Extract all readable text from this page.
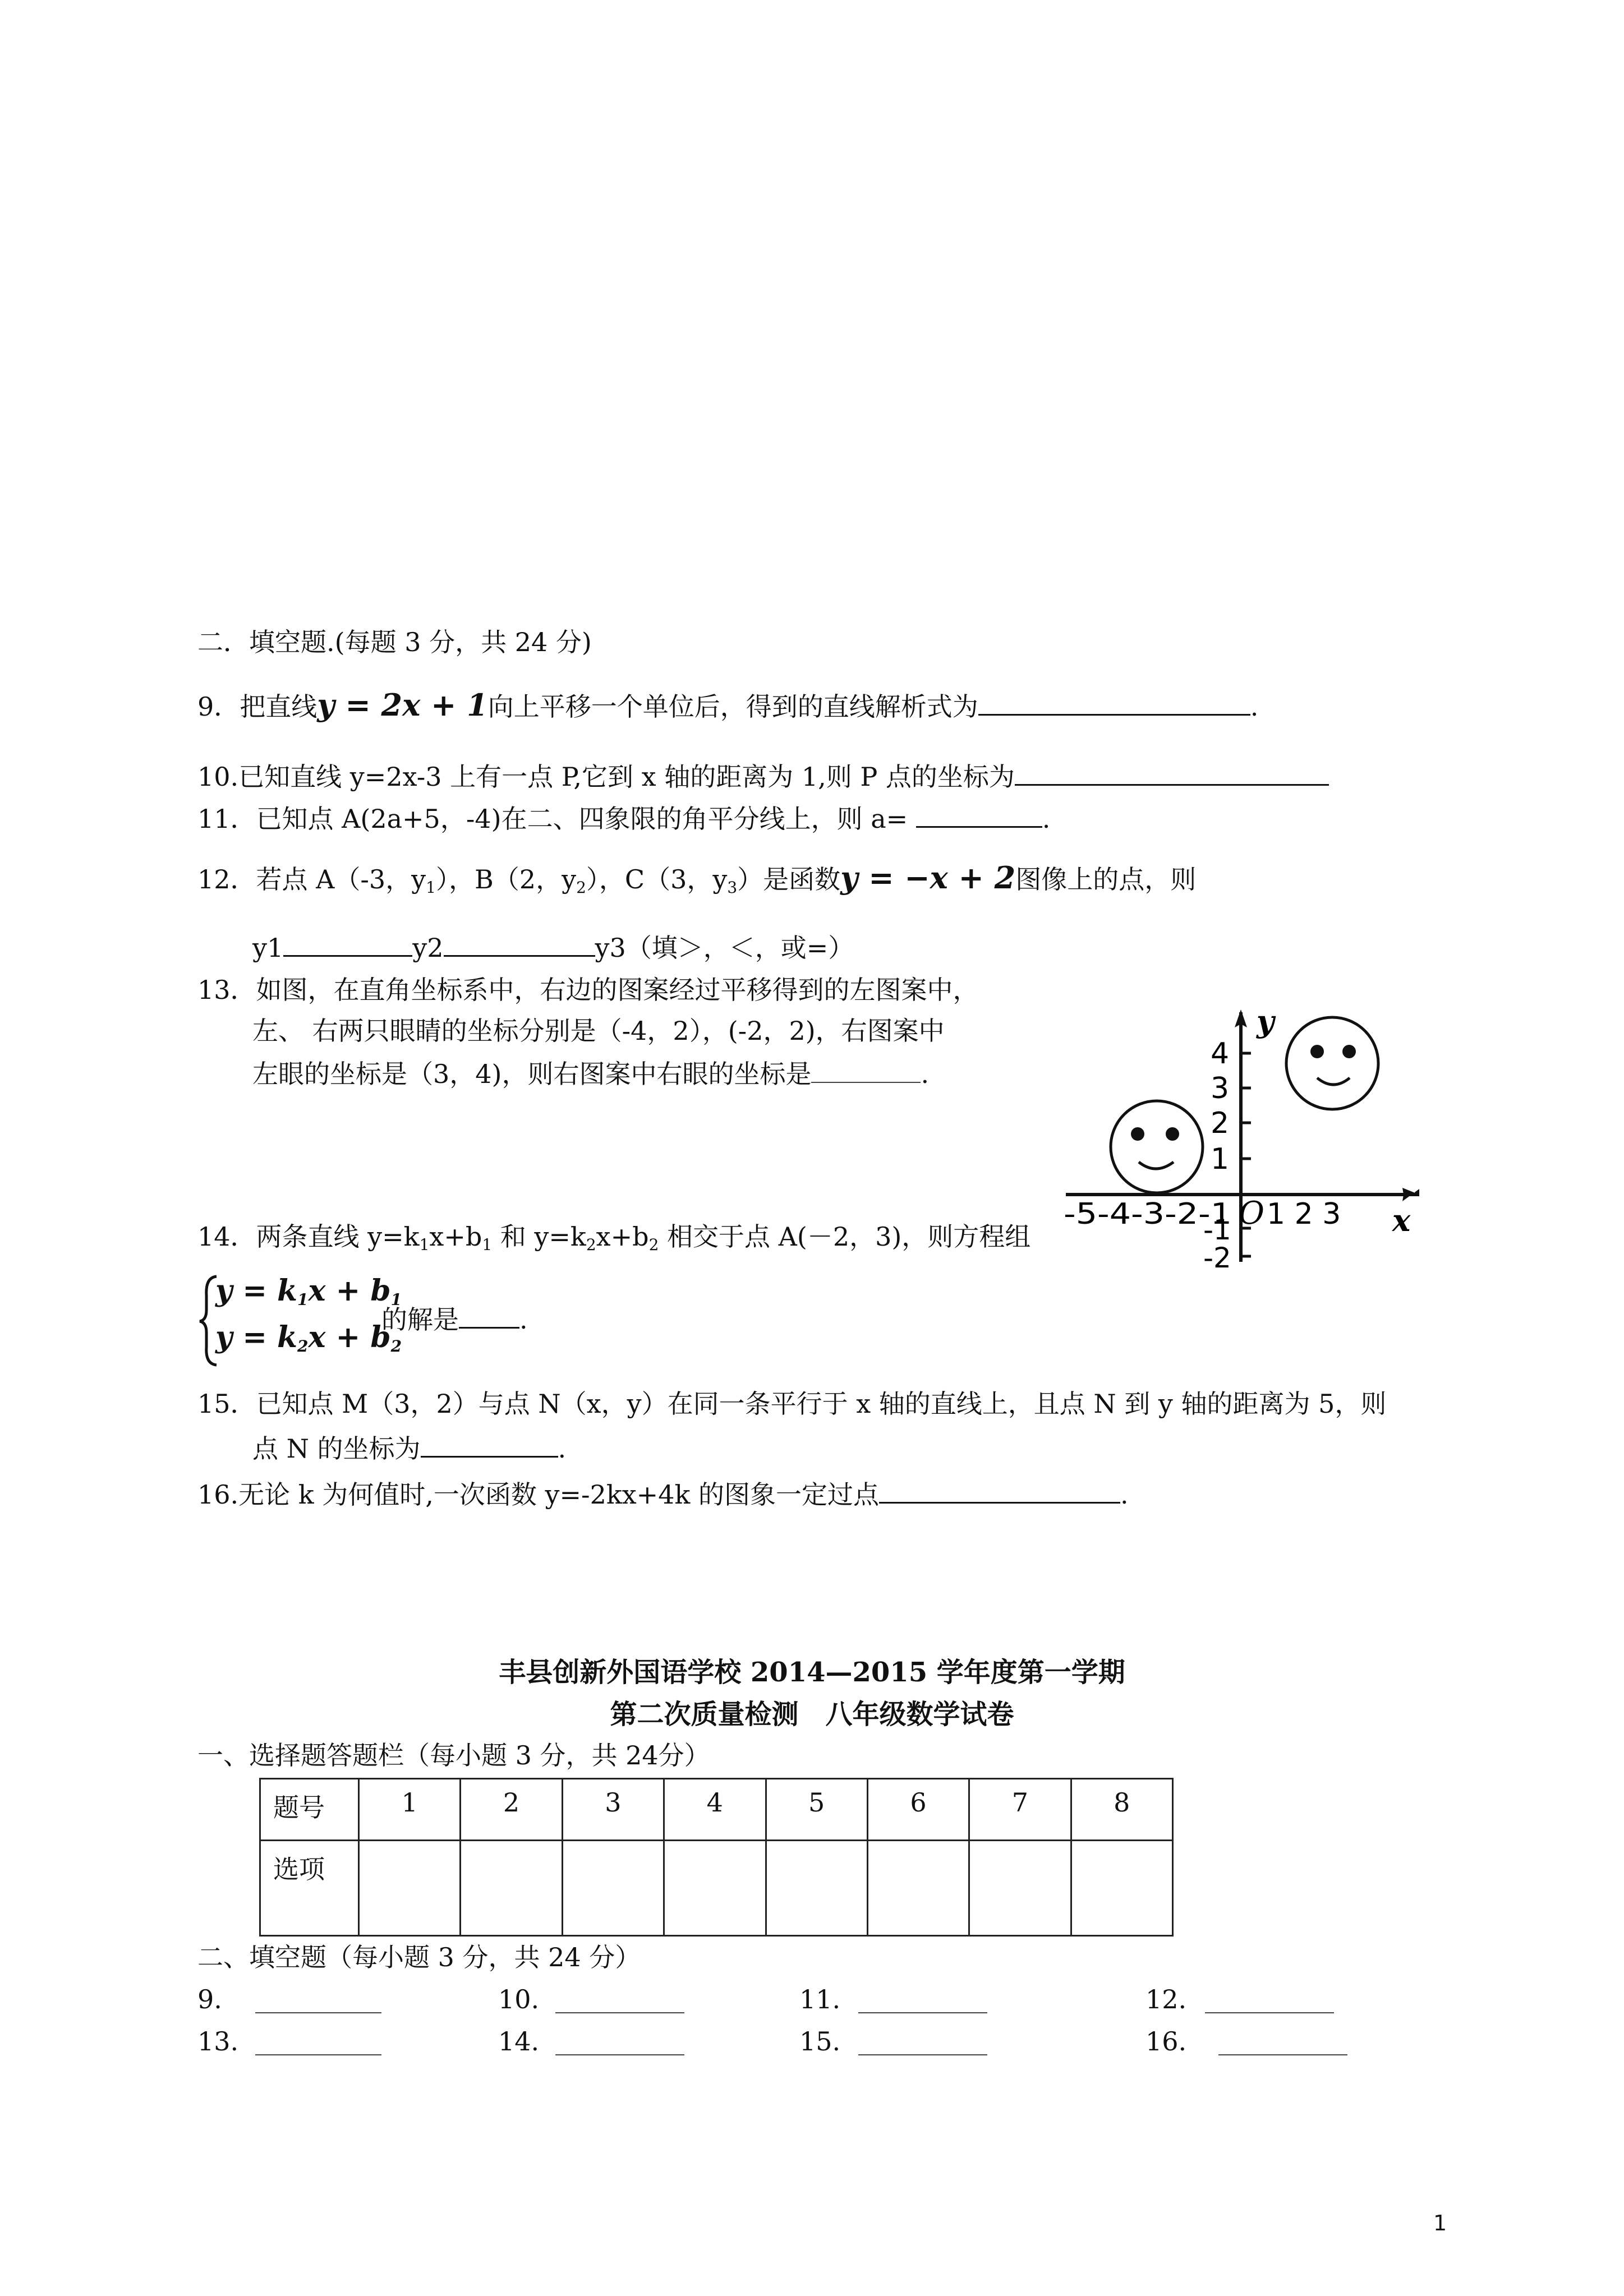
二．填空题.(每题 3 分，共 24 分)
9．把直线y = 2x + 1向上平移一个单位后，得到的直线解析式为	.
10.已知直线 y=2x-3 上有一点 P,它到 x 轴的距离为 1,则 P 点的坐标为
11．已知点 A(2a+5，-4)在二、四象限的角平分线上，则 a=	.
12．若点 A（-3，$y_1$），B（2，$y_2$），C（3，$y_3$）是函数y = −x + 2图像上的点，则
y1	y2	y3（填＞，＜，或=）
13．如图，在直角坐标系中，右边的图案经过平移得到的左图案中，
左、 右两只眼睛的坐标分别是（-4，2），(-2，2)，右图案中
左眼的坐标是（3，4)，则右图案中右眼的坐标是	.
y
x
4
3
2
1
-1
-2
-5-4-3-2-1 O 1 2 3
14．两条直线 $y=k_1x+b_1$ 和 $y=k_2x+b_2$ 相交于点 A(－2，3)，则方程组
$y = k_1x + b_1$
$y = k_2x + b_2$
的解是 .
15．已知点 M（3，2）与点 N（x，y）在同一条平行于 x 轴的直线上，且点 N 到 y 轴的距离为 5，则
点 N 的坐标为	.
16.无论 k 为何值时,一次函数 y=-2kx+4k 的图象一定过点	.
丰县创新外国语学校 2014—2015 学年度第一学期
第二次质量检测　八年级数学试卷
一、选择题答题栏（每小题 3 分，共 24分）
题号	1	2	3	4	5	6	7	8
选项								
二、填空题（每小题 3 分，共 24 分）
9.	10.	11.	12.
13.	14.	15.	16.
1
